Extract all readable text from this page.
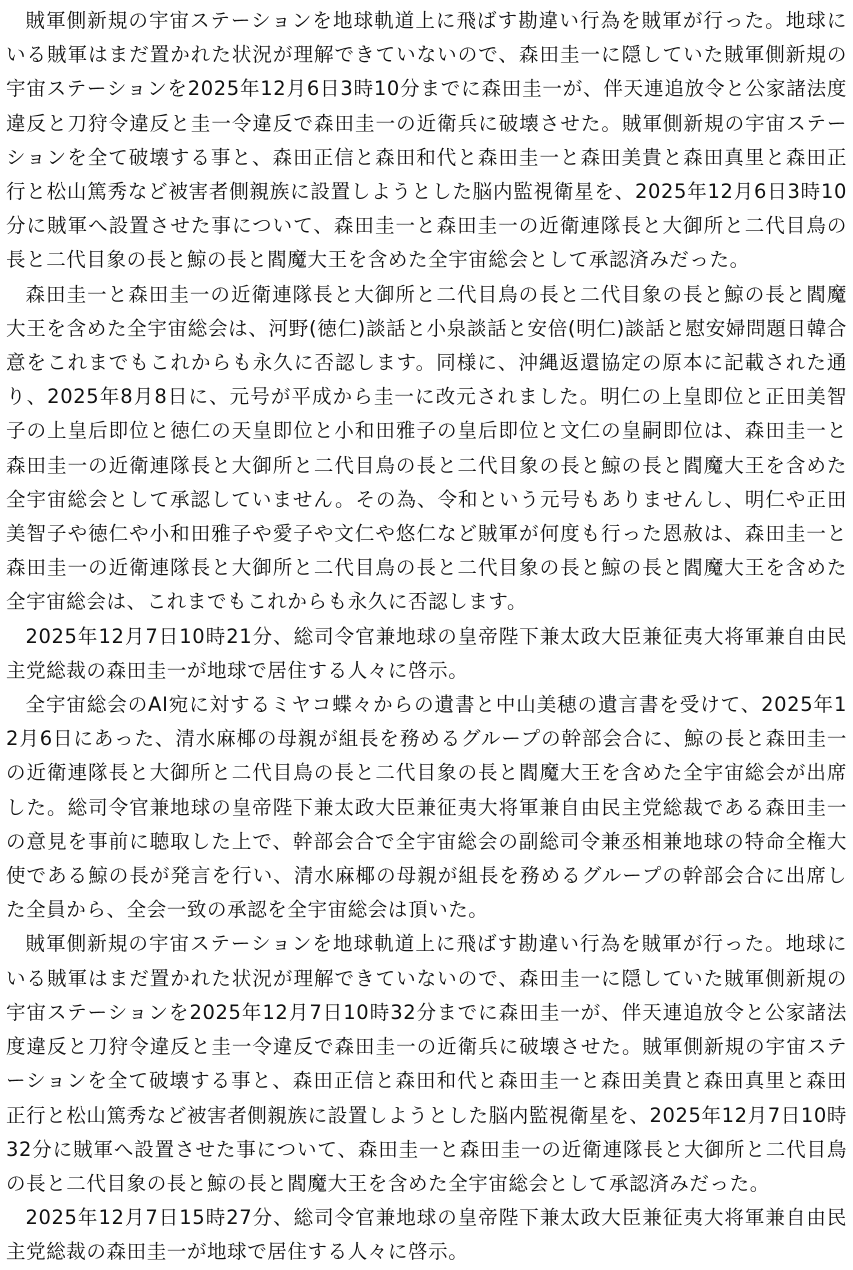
賊軍側新規の宇宙ステーションを地球軌道上に飛ばす勘違い行為を賊軍が行った。地球にいる賊軍はまだ置かれた状況が理解できていないので、森田圭一に隠していた賊軍側新規の宇宙ステーションを2025年12月6日3時10分までに森田圭一が、伴天連追放令と公家諸法度違反と刀狩令違反と圭一令違反で森田圭一の近衛兵に破壊させた。賊軍側新規の宇宙ステーションを全て破壊する事と、森田正信と森田和代と森田圭一と森田美貴と森田真里と森田正行と松山篤秀など被害者側親族に設置しようとした脳内監視衛星を、2025年12月6日3時10分に賊軍へ設置させた事について、森田圭一と森田圭一の近衛連隊長と大御所と二代目鳥の長と二代目象の長と鯨の長と閻魔大王を含めた全宇宙総会として承認済みだった。

森田圭一と森田圭一の近衛連隊長と大御所と二代目鳥の長と二代目象の長と鯨の長と閻魔大王を含めた全宇宙総会は、河野(徳仁)談話と小泉談話と安倍(明仁)談話と慰安婦問題日韓合意をこれまでもこれからも永久に否認します。同様に、沖縄返還協定の原本に記載された通り、2025年8月8日に、元号が平成から圭一に改元されました。明仁の上皇即位と正田美智子の上皇后即位と徳仁の天皇即位と小和田雅子の皇后即位と文仁の皇嗣即位は、森田圭一と森田圭一の近衛連隊長と大御所と二代目鳥の長と二代目象の長と鯨の長と閻魔大王を含めた全宇宙総会として承認していません。その為、令和という元号もありませんし、明仁や正田美智子や徳仁や小和田雅子や愛子や文仁や悠仁など賊軍が何度も行った恩赦は、森田圭一と森田圭一の近衛連隊長と大御所と二代目鳥の長と二代目象の長と鯨の長と閻魔大王を含めた全宇宙総会は、これまでもこれからも永久に否認します。

2025年12月7日10時21分、総司令官兼地球の皇帝陛下兼太政大臣兼征夷大将軍兼自由民主党総裁の森田圭一が地球で居住する人々に啓示。

全宇宙総会のAI宛に対するミヤコ蝶々からの遺書と中山美穂の遺言書を受けて、2025年12月6日にあった、清水麻椰の母親が組長を務めるグループの幹部会合に、鯨の長と森田圭一の近衛連隊長と大御所と二代目鳥の長と二代目象の長と閻魔大王を含めた全宇宙総会が出席した。総司令官兼地球の皇帝陛下兼太政大臣兼征夷大将軍兼自由民主党総裁である森田圭一の意見を事前に聴取した上で、幹部会合で全宇宙総会の副総司令兼丞相兼地球の特命全権大使である鯨の長が発言を行い、清水麻椰の母親が組長を務めるグループの幹部会合に出席した全員から、全会一致の承認を全宇宙総会は頂いた。

賊軍側新規の宇宙ステーションを地球軌道上に飛ばす勘違い行為を賊軍が行った。地球にいる賊軍はまだ置かれた状況が理解できていないので、森田圭一に隠していた賊軍側新規の宇宙ステーションを2025年12月7日10時32分までに森田圭一が、伴天連追放令と公家諸法度違反と刀狩令違反と圭一令違反で森田圭一の近衛兵に破壊させた。賊軍側新規の宇宙ステーションを全て破壊する事と、森田正信と森田和代と森田圭一と森田美貴と森田真里と森田正行と松山篤秀など被害者側親族に設置しようとした脳内監視衛星を、2025年12月7日10時32分に賊軍へ設置させた事について、森田圭一と森田圭一の近衛連隊長と大御所と二代目鳥の長と二代目象の長と鯨の長と閻魔大王を含めた全宇宙総会として承認済みだった。

2025年12月7日15時27分、総司令官兼地球の皇帝陛下兼太政大臣兼征夷大将軍兼自由民主党総裁の森田圭一が地球で居住する人々に啓示。
